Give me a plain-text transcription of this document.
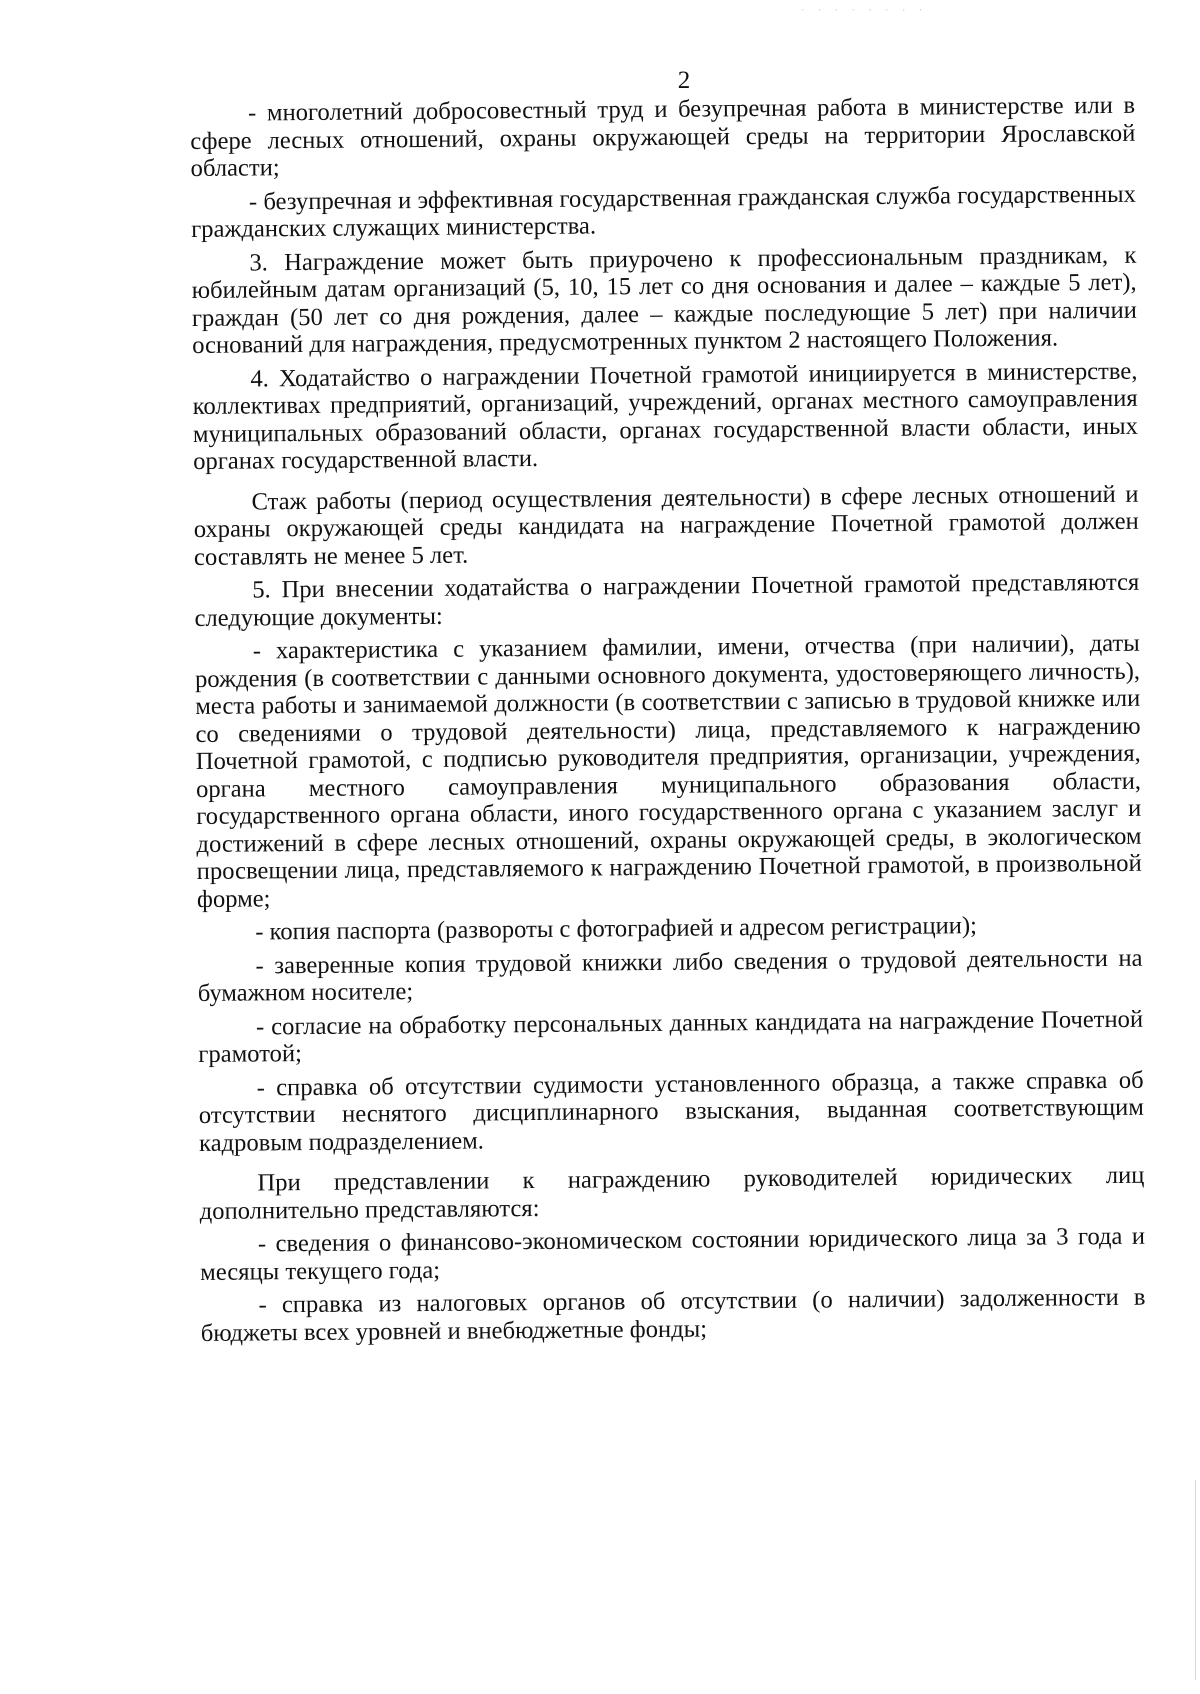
· · · · · · · ·
2

- многолетний добросовестный труд и безупречная работа в министерстве или в сфере лесных отношений, охраны окружающей среды на территории Ярославской области;

- безупречная и эффективная государственная гражданская служба государственных гражданских служащих министерства.

3. Награждение может быть приурочено к профессиональным праздникам, к юбилейным датам организаций (5, 10, 15 лет со дня основания и далее – каждые 5 лет), граждан (50 лет со дня рождения, далее – каждые последующие 5 лет) при наличии оснований для награждения, предусмотренных пунктом 2 настоящего Положения.

4. Ходатайство о награждении Почетной грамотой инициируется в министерстве, коллективах предприятий, организаций, учреждений, органах местного самоуправления муниципальных образований области, органах государственной власти области, иных органах государственной власти.

Стаж работы (период осуществления деятельности) в сфере лесных отношений и охраны окружающей среды кандидата на награждение Почетной грамотой должен составлять не менее 5 лет.

5. При внесении ходатайства о награждении Почетной грамотой представляются следующие документы:

- характеристика с указанием фамилии, имени, отчества (при наличии), даты рождения (в соответствии с данными основного документа, удостоверяющего личность), места работы и занимаемой должности (в соответствии с записью в трудовой книжке или со сведениями о трудовой деятельности) лица, представляемого к награждению Почетной грамотой, с подписью руководителя предприятия, организации, учреждения, органа местного самоуправления муниципального образования области, государственного органа области, иного государственного органа с указанием заслуг и достижений в сфере лесных отношений, охраны окружающей среды, в экологическом просвещении лица, представляемого к награждению Почетной грамотой, в произвольной форме;

- копия паспорта (развороты с фотографией и адресом регистрации);

- заверенные копия трудовой книжки либо сведения о трудовой деятельности на бумажном носителе;

- согласие на обработку персональных данных кандидата на награждение Почетной грамотой;

- справка об отсутствии судимости установленного образца, а также справка об отсутствии неснятого дисциплинарного взыскания, выданная соответствующим кадровым подразделением.

При представлении к награждению руководителей юридических лиц дополнительно представляются:

- сведения о финансово-экономическом состоянии юридического лица за 3 года и месяцы текущего года;

- справка из налоговых органов об отсутствии (о наличии) задолженности в бюджеты всех уровней и внебюджетные фонды;
